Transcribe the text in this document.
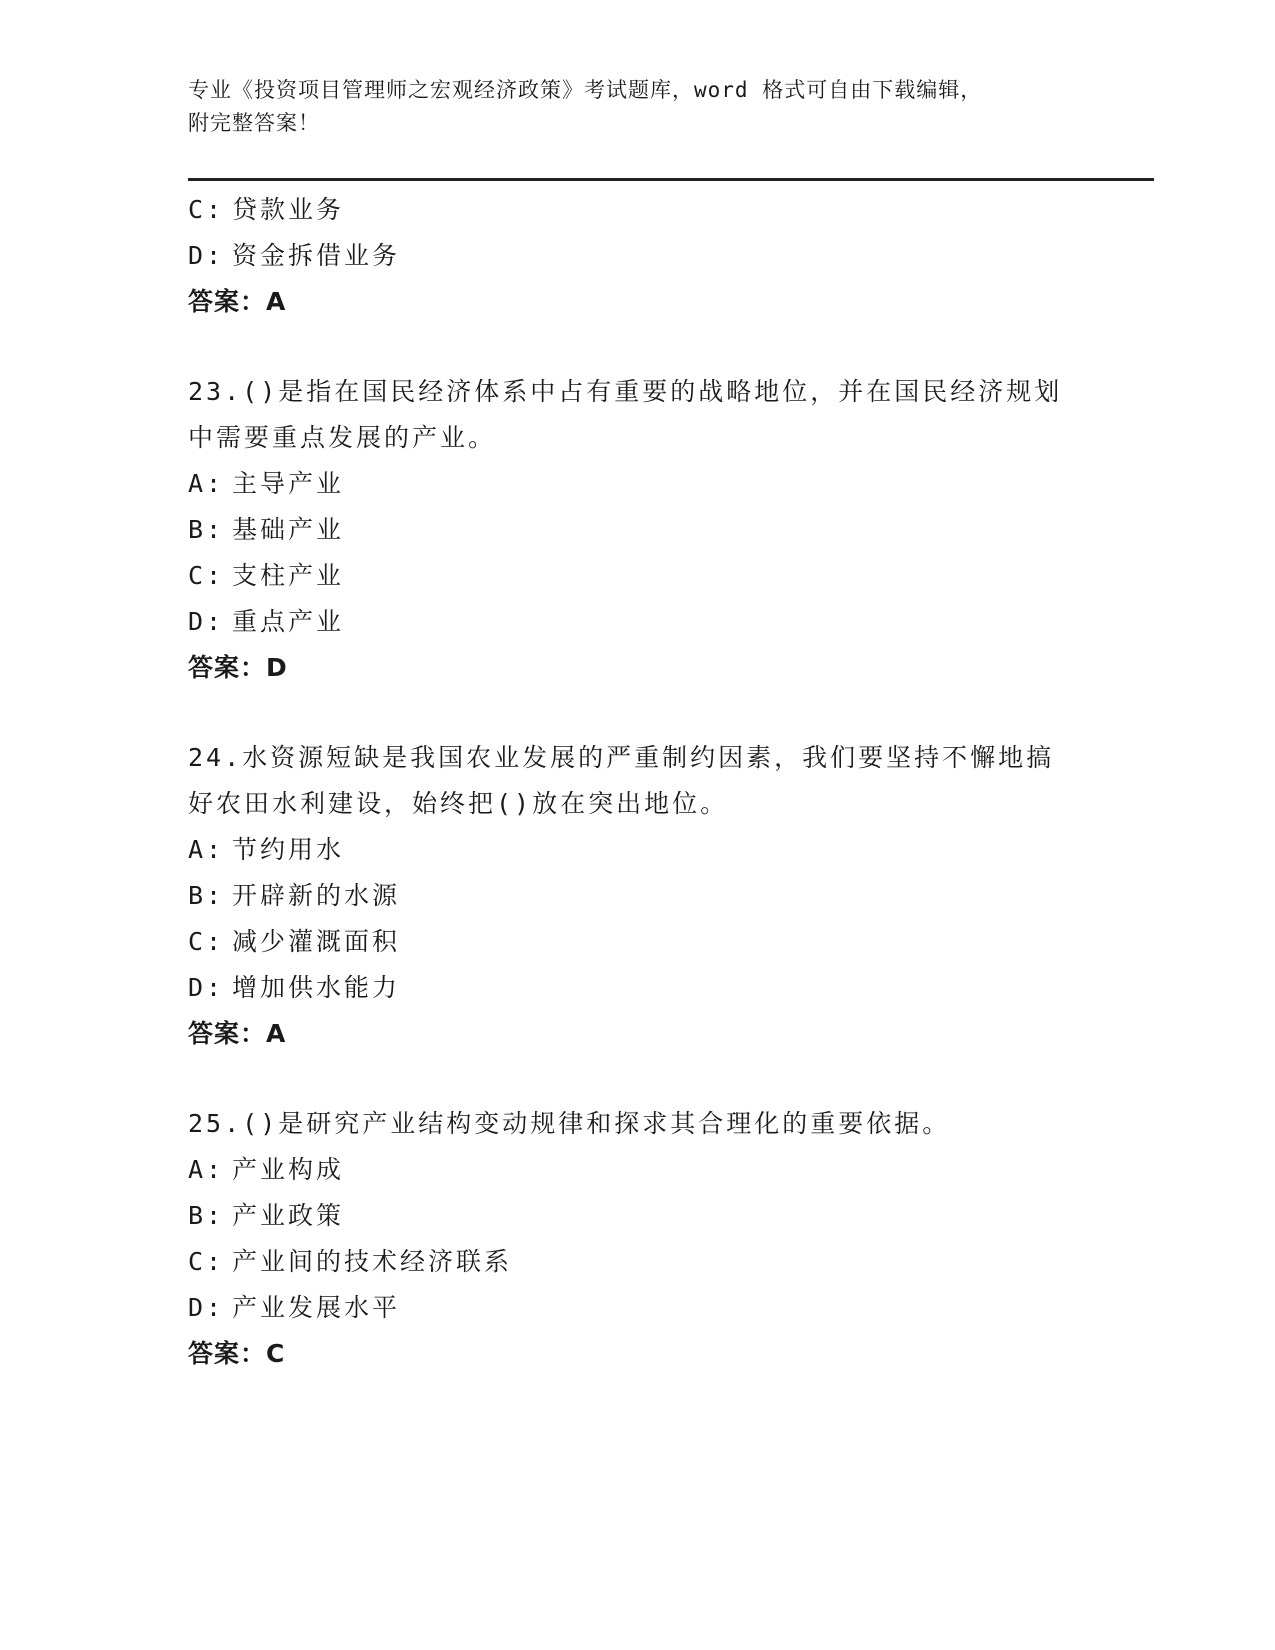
专业《投资项目管理师之宏观经济政策》考试题库，word 格式可自由下载编辑，
附完整答案！
C: 贷款业务
D: 资金拆借业务
答案：A
23.()是指在国民经济体系中占有重要的战略地位，并在国民经济规划
中需要重点发展的产业。
A: 主导产业
B: 基础产业
C: 支柱产业
D: 重点产业
答案：D
24.水资源短缺是我国农业发展的严重制约因素，我们要坚持不懈地搞
好农田水利建设，始终把()放在突出地位。
A: 节约用水
B: 开辟新的水源
C: 减少灌溉面积
D: 增加供水能力
答案：A
25.()是研究产业结构变动规律和探求其合理化的重要依据。
A: 产业构成
B: 产业政策
C: 产业间的技术经济联系
D: 产业发展水平
答案：C
